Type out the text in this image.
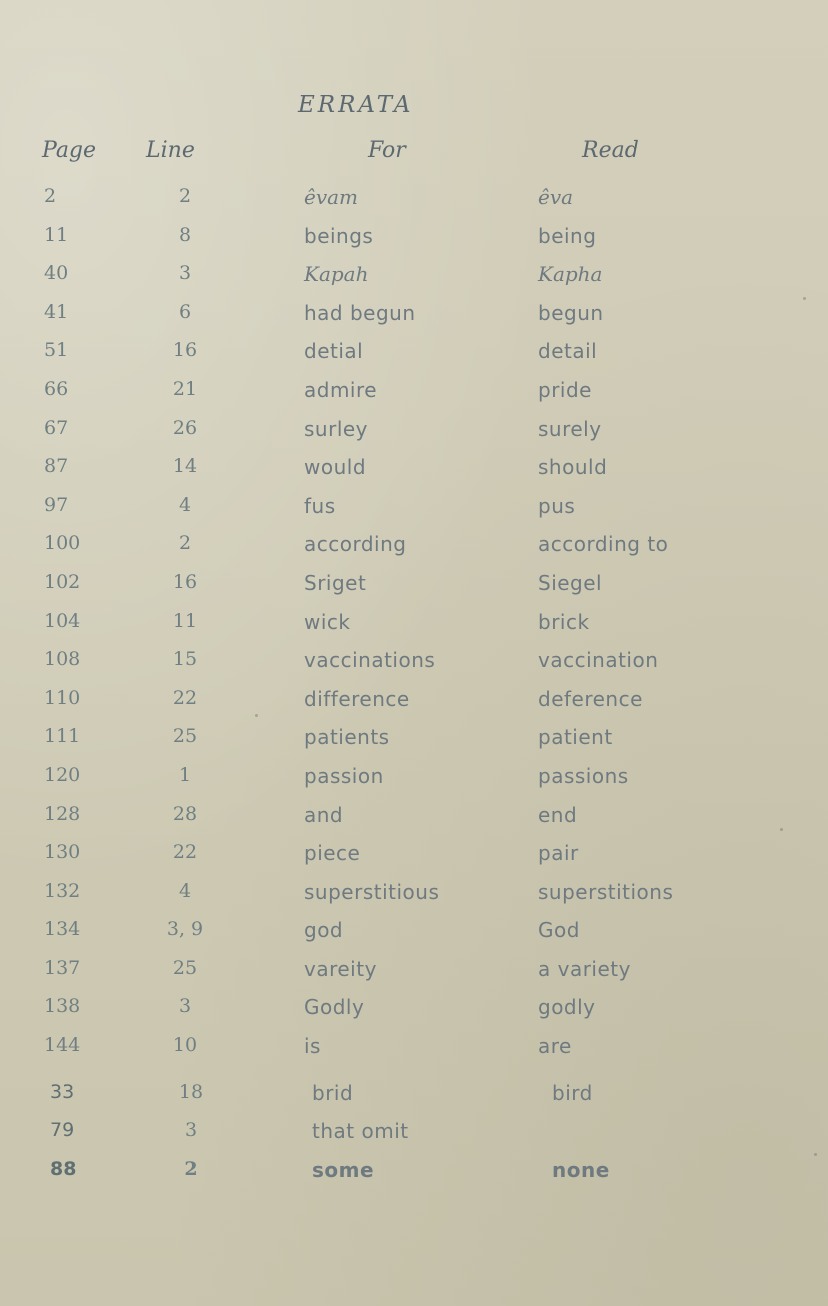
ERRATA
Page Line	For	Read
2	2	êvam	êva
11	8	beings	being
40	3	Kapah	Kapha
41	6	had begun	begun
51	16	detial	detail
66	21	admire	pride
67	26	surley	surely
87	14	would	should
97	4	fus	pus
100	2	according	according to
102	16	Sriget	Siegel
104	11	wick	brick
108	15	vaccinations	vaccination
110	22	difference	deference
111	25	patients	patient
120	1	passion	passions
128	28	and	end
130	22	piece	pair
132	4	superstitious	superstitions
134	3, 9	god	God
137	25	vareity	a variety
138	3	Godly	godly
144	10	is	are
33	18	brid	bird
79	3	that omit
88	2	some	none
